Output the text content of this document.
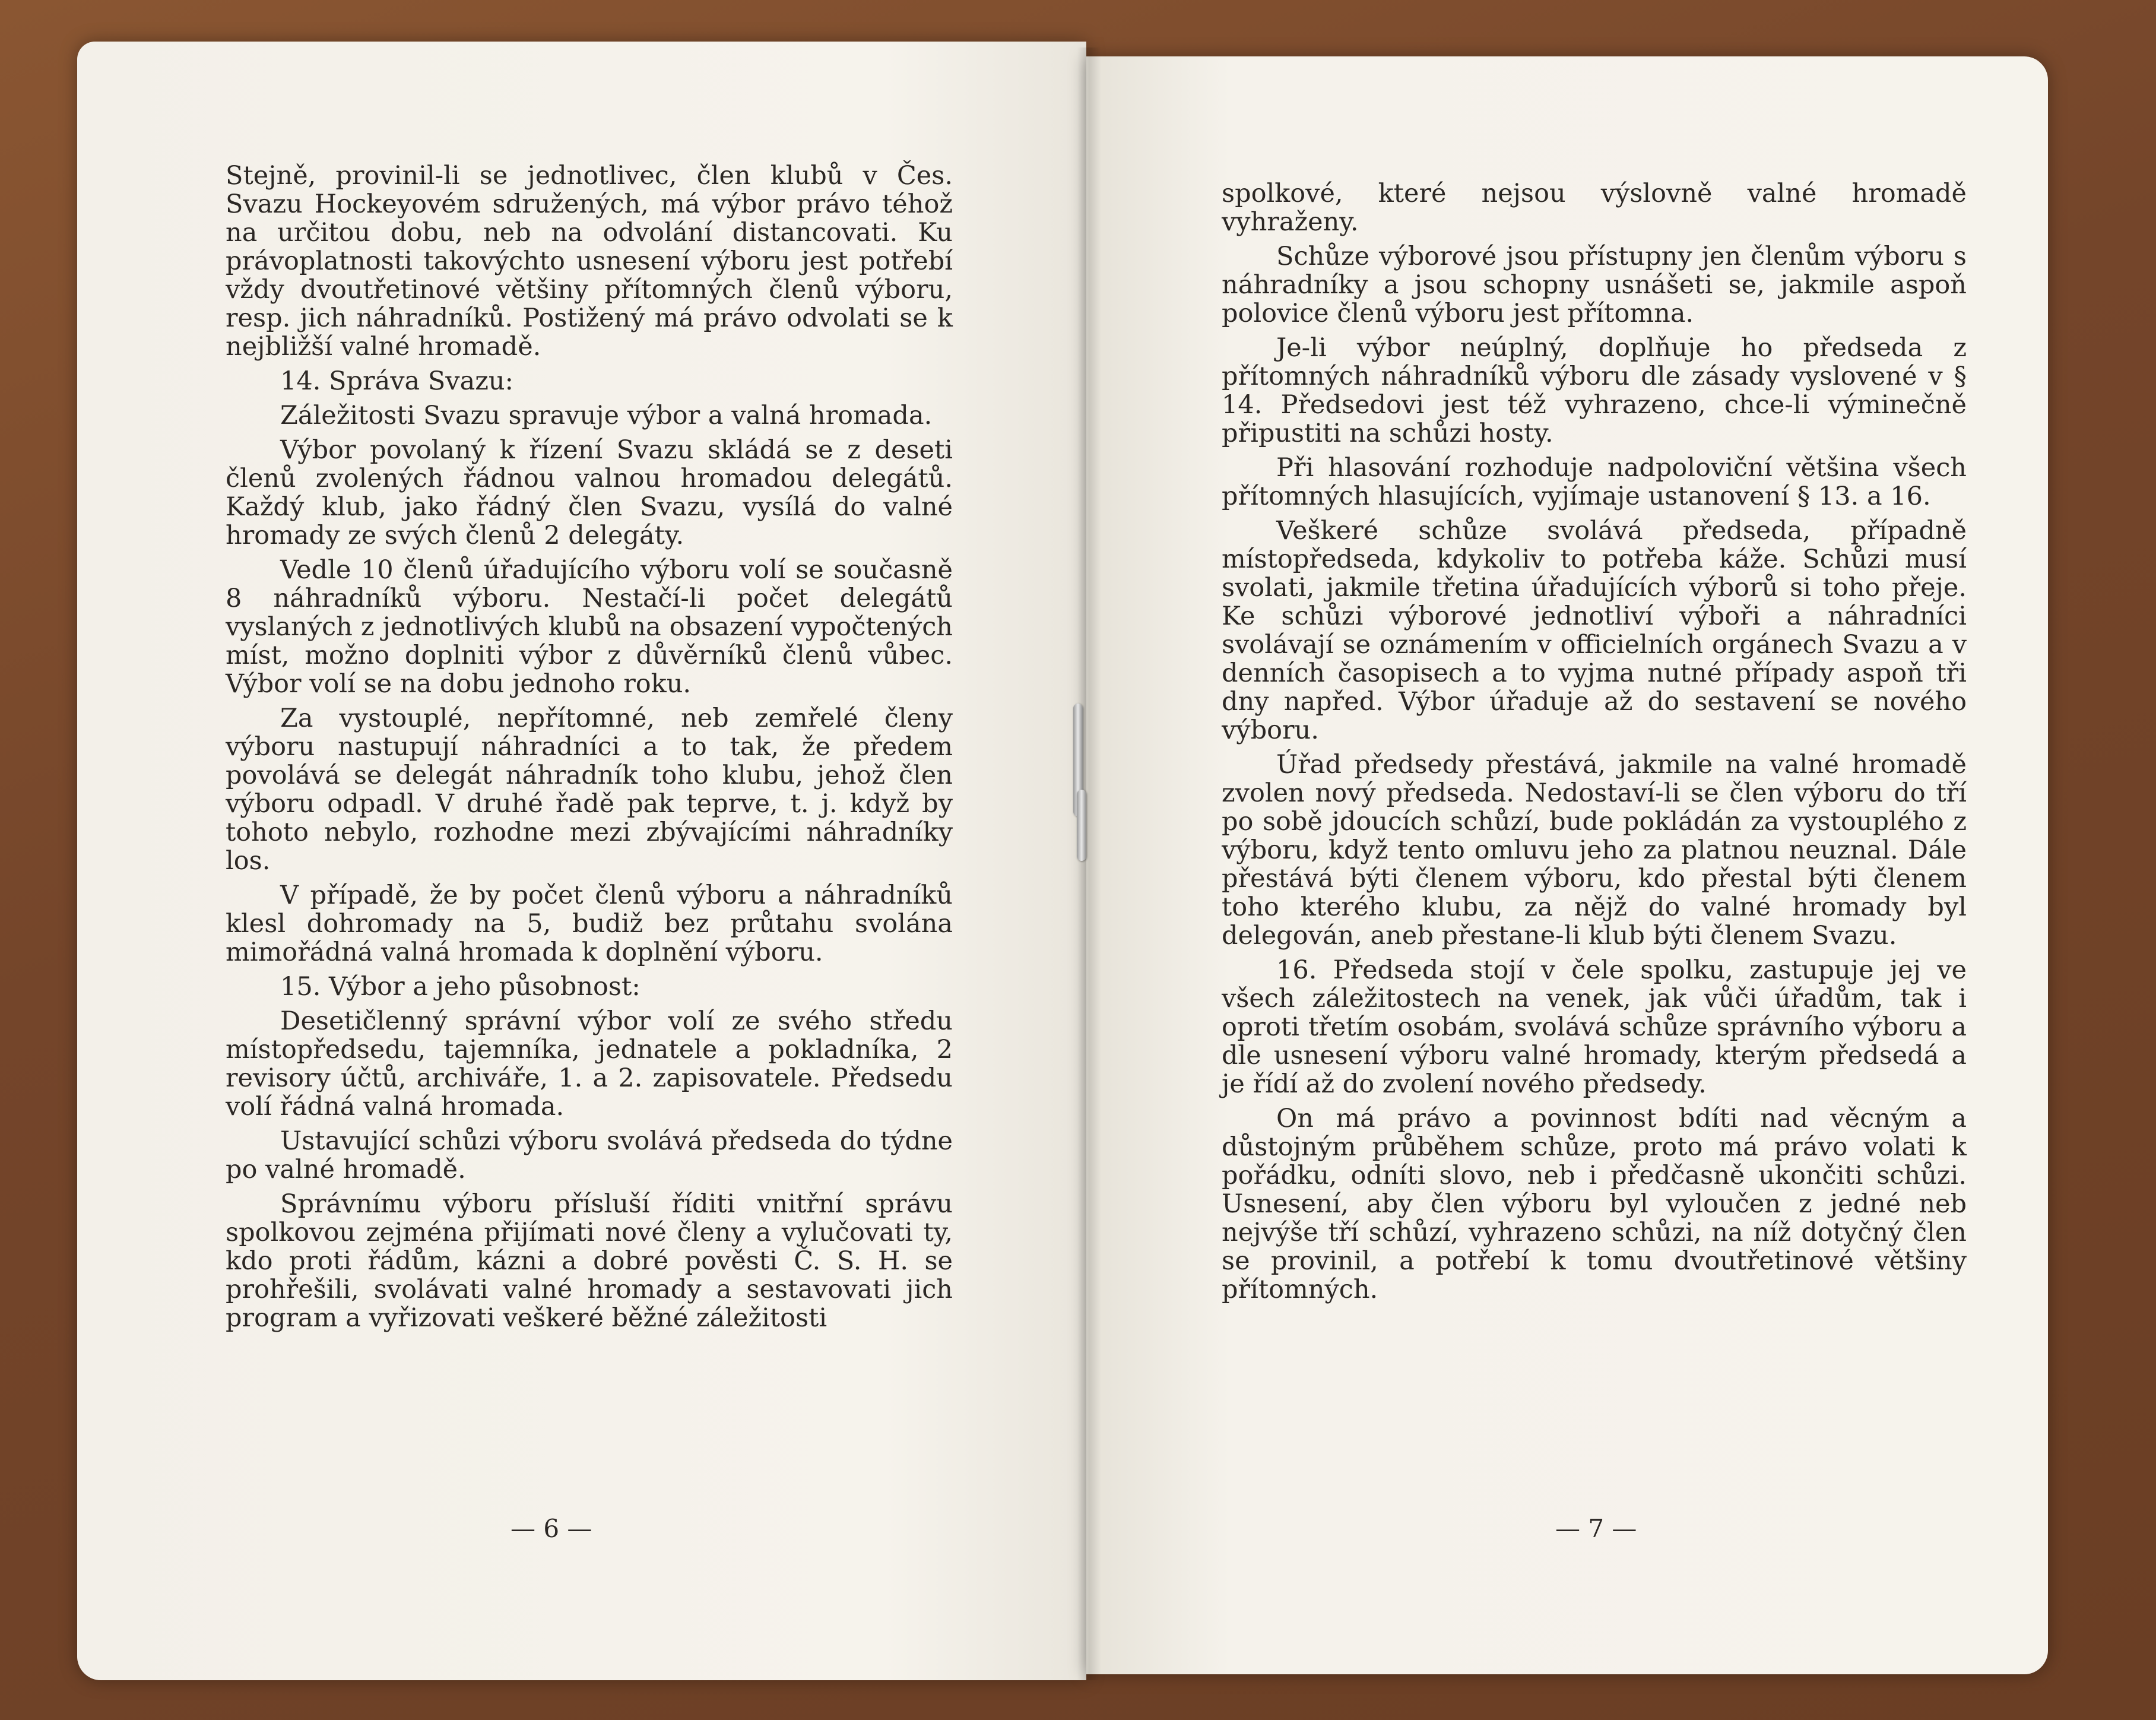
Stejně, provinil-li se jednotlivec, člen klubů v Čes. Svazu Hockeyovém sdružených, má výbor právo téhož na určitou dobu, neb na odvolání distancovati. Ku právoplatnosti takovýchto usnesení výboru jest potřebí vždy dvoutřetinové většiny přítomných členů výboru, resp. jich náhradníků. Postižený má právo odvolati se k nejbližší valné hromadě.

14. Správa Svazu:

Záležitosti Svazu spravuje výbor a valná hromada.

Výbor povolaný k řízení Svazu skládá se z deseti členů zvolených řádnou valnou hromadou delegátů. Každý klub, jako řádný člen Svazu, vysílá do valné hromady ze svých členů 2 delegáty.

Vedle 10 členů úřadujícího výboru volí se současně 8 náhradníků výboru. Nestačí-li počet delegátů vyslaných z jednotlivých klubů na obsazení vypočtených míst, možno doplniti výbor z důvěrníků členů vůbec. Výbor volí se na dobu jednoho roku.

Za vystouplé, nepřítomné, neb zemřelé členy výboru nastupují náhradníci a to tak, že předem povolává se delegát náhradník toho klubu, jehož člen výboru odpadl. V druhé řadě pak teprve, t. j. když by tohoto nebylo, rozhodne mezi zbývajícími náhradníky los.

V případě, že by počet členů výboru a náhradníků klesl dohromady na 5, budiž bez průtahu svolána mimořádná valná hromada k doplnění výboru.

15. Výbor a jeho působnost:

Desetičlenný správní výbor volí ze svého středu místopředsedu, tajemníka, jednatele a pokladníka, 2 revisory účtů, archiváře, 1. a 2. zapisovatele. Předsedu volí řádná valná hromada.

Ustavující schůzi výboru svolává předseda do týdne po valné hromadě.

Správnímu výboru přísluší říditi vnitřní správu spolkovou zejména přijímati nové členy a vylučovati ty, kdo proti řádům, kázni a dobré pověsti Č. S. H. se prohřešili, svolávati valné hromady a sestavovati jich program a vyřizovati veškeré běžné záležitosti

— 6 —

spolkové, které nejsou výslovně valné hromadě vyhraženy.

Schůze výborové jsou přístupny jen členům výboru s náhradníky a jsou schopny usnášeti se, jakmile aspoň polovice členů výboru jest přítomna.

Je-li výbor neúplný, doplňuje ho předseda z přítomných náhradníků výboru dle zásady vyslovené v § 14. Předsedovi jest též vyhrazeno, chce-li výminečně připustiti na schůzi hosty.

Při hlasování rozhoduje nadpoloviční většina všech přítomných hlasujících, vyjímaje ustanovení § 13. a 16.

Veškeré schůze svolává předseda, případně místopředseda, kdykoliv to potřeba káže. Schůzi musí svolati, jakmile třetina úřadujících výborů si toho přeje. Ke schůzi výborové jednotliví výboři a náhradníci svolávají se oznámením v officielních orgánech Svazu a v denních časopisech a to vyjma nutné případy aspoň tři dny napřed. Výbor úřaduje až do sestavení se nového výboru.

Úřad předsedy přestává, jakmile na valné hromadě zvolen nový předseda. Nedostaví-li se člen výboru do tří po sobě jdoucích schůzí, bude pokládán za vystouplého z výboru, když tento omluvu jeho za platnou neuznal. Dále přestává býti členem výboru, kdo přestal býti členem toho kterého klubu, za nějž do valné hromady byl delegován, aneb přestane-li klub býti členem Svazu.

16. Předseda stojí v čele spolku, zastupuje jej ve všech záležitostech na venek, jak vůči úřadům, tak i oproti třetím osobám, svolává schůze správního výboru a dle usnesení výboru valné hromady, kterým předsedá a je řídí až do zvolení nového předsedy.

On má právo a povinnost bdíti nad věcným a důstojným průběhem schůze, proto má právo volati k pořádku, odníti slovo, neb i předčasně ukončiti schůzi. Usnesení, aby člen výboru byl vyloučen z jedné neb nejvýše tří schůzí, vyhrazeno schůzi, na níž dotyčný člen se provinil, a potřebí k tomu dvoutřetinové většiny přítomných.

— 7 —
